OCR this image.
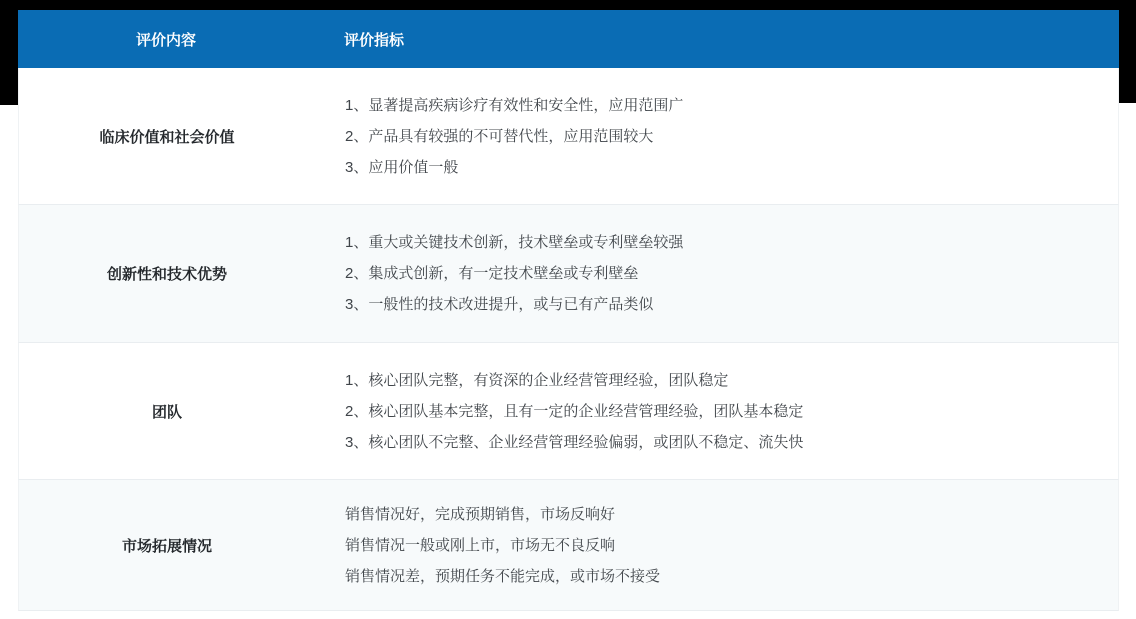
评价内容	评价指标
临床价值和社会价值
1、显著提高疾病诊疗有效性和安全性，应用范围广
2、产品具有较强的不可替代性，应用范围较大
3、应用价值一般
创新性和技术优势
1、重大或关键技术创新，技术壁垒或专利壁垒较强
2、集成式创新，有一定技术壁垒或专利壁垒
3、一般性的技术改进提升，或与已有产品类似
团队
1、核心团队完整，有资深的企业经营管理经验，团队稳定
2、核心团队基本完整，且有一定的企业经营管理经验，团队基本稳定
3、核心团队不完整、企业经营管理经验偏弱，或团队不稳定、流失快
市场拓展情况
销售情况好，完成预期销售，市场反响好
销售情况一般或刚上市，市场无不良反响
销售情况差，预期任务不能完成，或市场不接受
